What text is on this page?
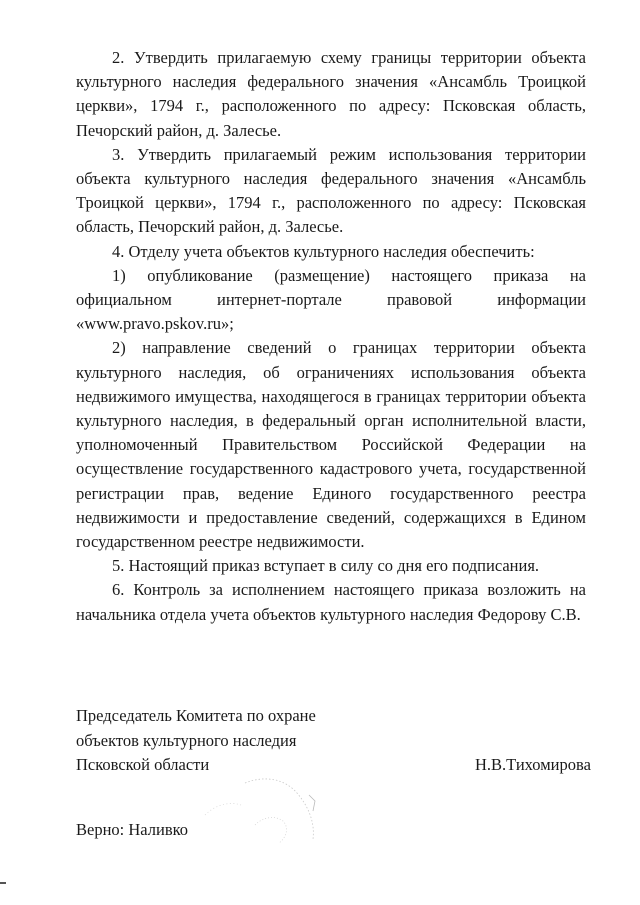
2. Утвердить прилагаемую схему границы территории объекта культурного наследия федерального значения «Ансамбль Троицкой церкви», 1794 г., расположенного по адресу: Псковская область, Печорский район, д. Залесье.

3. Утвердить прилагаемый режим использования территории объекта культурного наследия федерального значения «Ансамбль Троицкой церкви», 1794 г., расположенного по адресу: Псковская область, Печорский район, д. Залесье.

4. Отделу учета объектов культурного наследия обеспечить:

1) опубликование (размещение) настоящего приказа на официальном интернет-портале правовой информации «www.pravo.pskov.ru»;

2) направление сведений о границах территории объекта культурного наследия, об ограничениях использования объекта недвижимого имущества, находящегося в границах территории объекта культурного наследия, в федеральный орган исполнительной власти, уполномоченный Правительством Российской Федерации на осуществление государственного кадастрового учета, государственной регистрации прав, ведение Единого государственного реестра недвижимости и предоставление сведений, содержащихся в Едином государственном реестре недвижимости.

5. Настоящий приказ вступает в силу со дня его подписания.

6. Контроль за исполнением настоящего приказа возложить на начальника отдела учета объектов культурного наследия Федорову С.В.

Председатель Комитета по охране
объектов культурного наследия
Псковской области	Н.В.Тихомирова
Верно: Наливко
